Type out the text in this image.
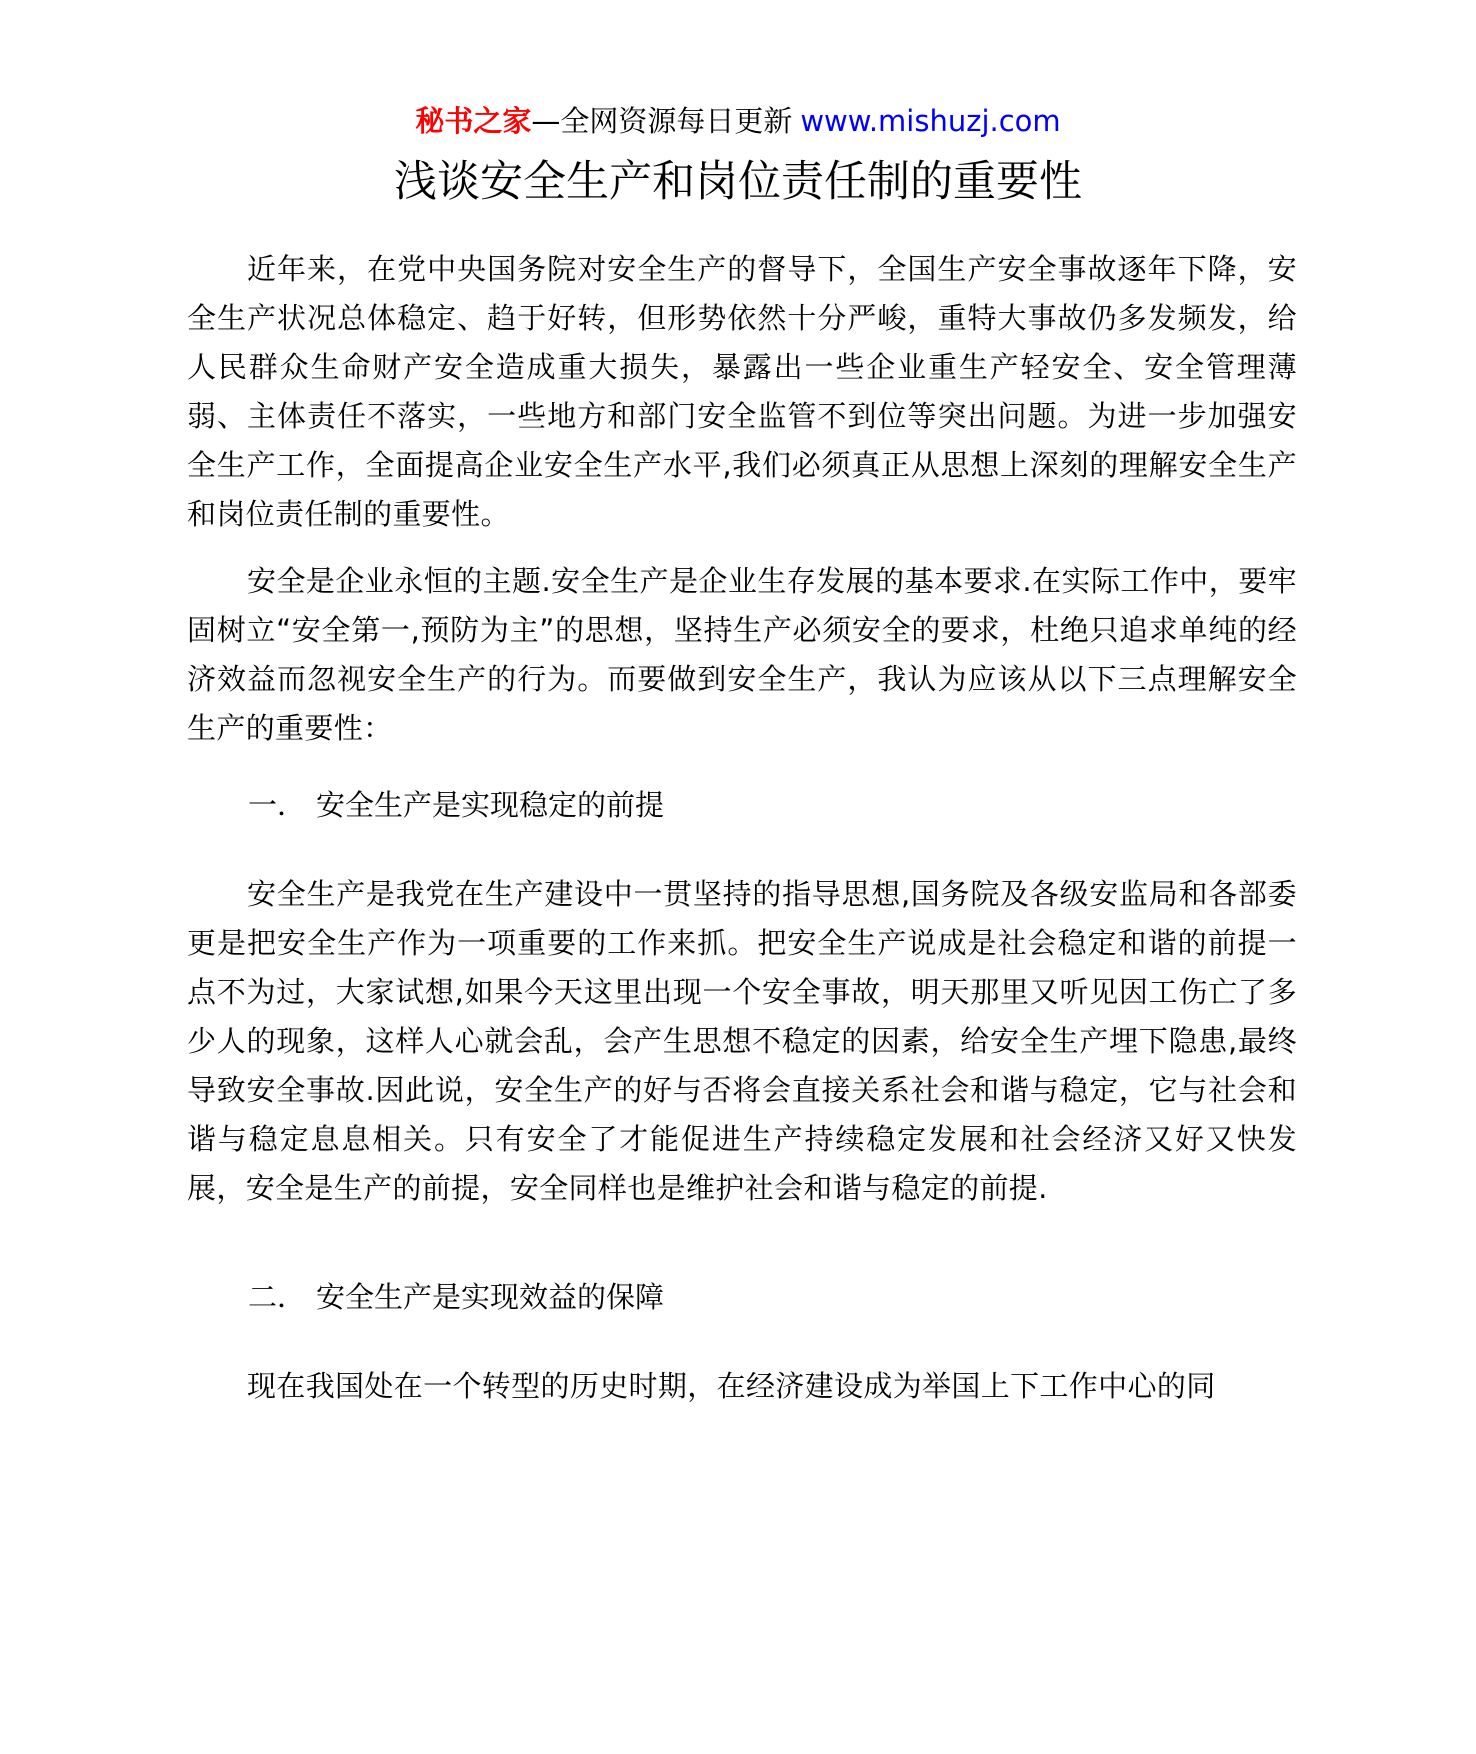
秘书之家—全网资源每日更新 www.mishuzj.com
浅谈安全生产和岗位责任制的重要性

近年来，在党中央国务院对安全生产的督导下，全国生产安全事故逐年下降，安全生产状况总体稳定、趋于好转，但形势依然十分严峻，重特大事故仍多发频发，给人民群众生命财产安全造成重大损失，暴露出一些企业重生产轻安全、安全管理薄弱、主体责任不落实，一些地方和部门安全监管不到位等突出问题。为进一步加强安全生产工作，全面提高企业安全生产水平,我们必须真正从思想上深刻的理解安全生产和岗位责任制的重要性。

安全是企业永恒的主题.安全生产是企业生存发展的基本要求.在实际工作中，要牢固树立“安全第一,预防为主”的思想，坚持生产必须安全的要求，杜绝只追求单纯的经济效益而忽视安全生产的行为。而要做到安全生产，我认为应该从以下三点理解安全生产的重要性：

一． 安全生产是实现稳定的前提

安全生产是我党在生产建设中一贯坚持的指导思想,国务院及各级安监局和各部委更是把安全生产作为一项重要的工作来抓。把安全生产说成是社会稳定和谐的前提一点不为过，大家试想,如果今天这里出现一个安全事故，明天那里又听见因工伤亡了多少人的现象，这样人心就会乱，会产生思想不稳定的因素，给安全生产埋下隐患,最终导致安全事故.因此说，安全生产的好与否将会直接关系社会和谐与稳定，它与社会和谐与稳定息息相关。只有安全了才能促进生产持续稳定发展和社会经济又好又快发展，安全是生产的前提，安全同样也是维护社会和谐与稳定的前提.

二． 安全生产是实现效益的保障

现在我国处在一个转型的历史时期，在经济建设成为举国上下工作中心的同
